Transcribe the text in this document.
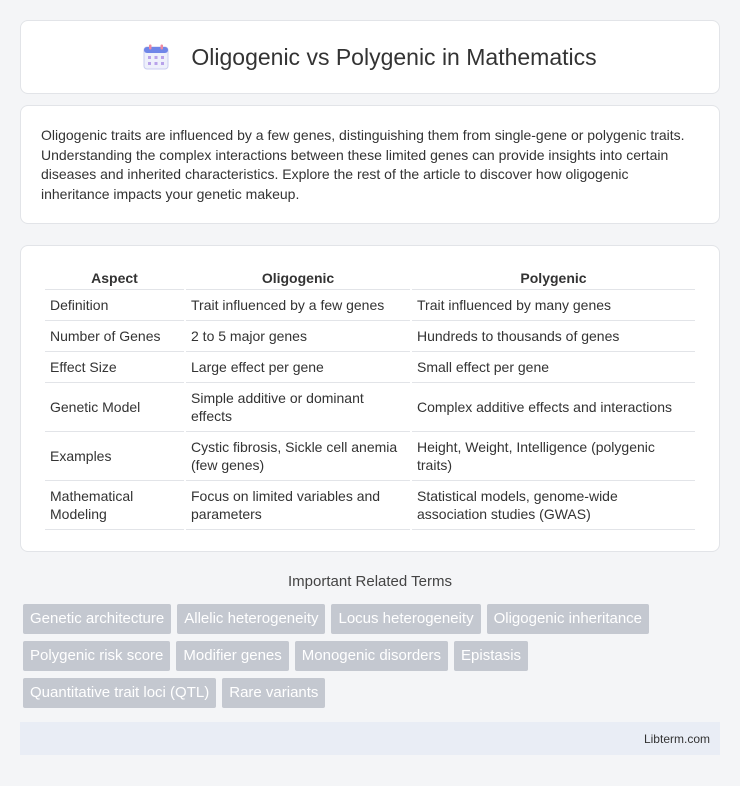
Oligogenic vs Polygenic in Mathematics

Oligogenic traits are influenced by a few genes, distinguishing them from single-gene or polygenic traits. Understanding the complex interactions between these limited genes can provide insights into certain diseases and inherited characteristics. Explore the rest of the article to discover how oligogenic inheritance impacts your genetic makeup.

Aspect	Oligogenic	Polygenic
Definition	Trait influenced by a few genes	Trait influenced by many genes
Number of Genes	2 to 5 major genes	Hundreds to thousands of genes
Effect Size	Large effect per gene	Small effect per gene
Genetic Model	Simple additive or dominant effects	Complex additive effects and interactions
Examples	Cystic fibrosis, Sickle cell anemia (few genes)	Height, Weight, Intelligence (polygenic traits)
Mathematical Modeling	Focus on limited variables and parameters	Statistical models, genome-wide association studies (GWAS)
Important Related Terms
Genetic architecture	Allelic heterogeneity	Locus heterogeneity	Oligogenic inheritance
Polygenic risk score	Modifier genes	Monogenic disorders	Epistasis
Quantitative trait loci (QTL)	Rare variants
Libterm.com
